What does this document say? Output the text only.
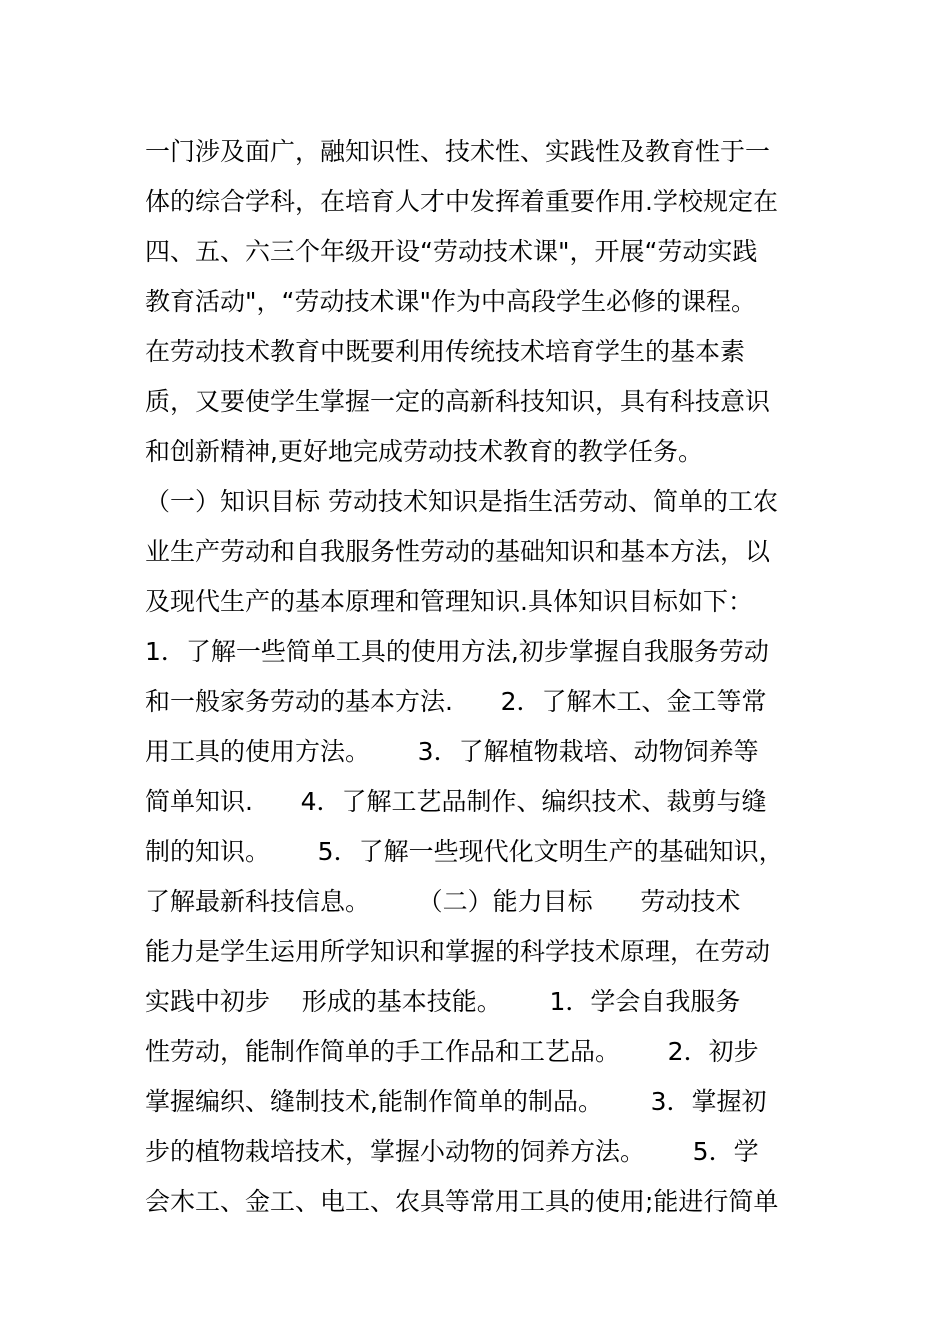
一门涉及面广，融知识性、技术性、实践性及教育性于一
体的综合学科，在培育人才中发挥着重要作用.学校规定在
四、五、六三个年级开设“劳动技术课"，开展“劳动实践
教育活动"，“劳动技术课"作为中高段学生必修的课程。
在劳动技术教育中既要利用传统技术培育学生的基本素
质，又要使学生掌握一定的高新科技知识，具有科技意识
和创新精神,更好地完成劳动技术教育的教学任务。
（一）知识目标 劳动技术知识是指生活劳动、简单的工农
业生产劳动和自我服务性劳动的基础知识和基本方法，以
及现代生产的基本原理和管理知识.具体知识目标如下：
1．了解一些简单工具的使用方法,初步掌握自我服务劳动
和一般家务劳动的基本方法.      2．了解木工、金工等常
用工具的使用方法。      3．了解植物栽培、动物饲养等
简单知识.      4．了解工艺品制作、编织技术、裁剪与缝
制的知识。      5．了解一些现代化文明生产的基础知识，
了解最新科技信息。      （二）能力目标      劳动技术
能力是学生运用所学知识和掌握的科学技术原理，在劳动
实践中初步    形成的基本技能。      1．学会自我服务
性劳动，能制作简单的手工作品和工艺品。      2．初步
掌握编织、缝制技术,能制作简单的制品。      3．掌握初
步的植物栽培技术，掌握小动物的饲养方法。      5．学
会木工、金工、电工、农具等常用工具的使用;能进行简单
